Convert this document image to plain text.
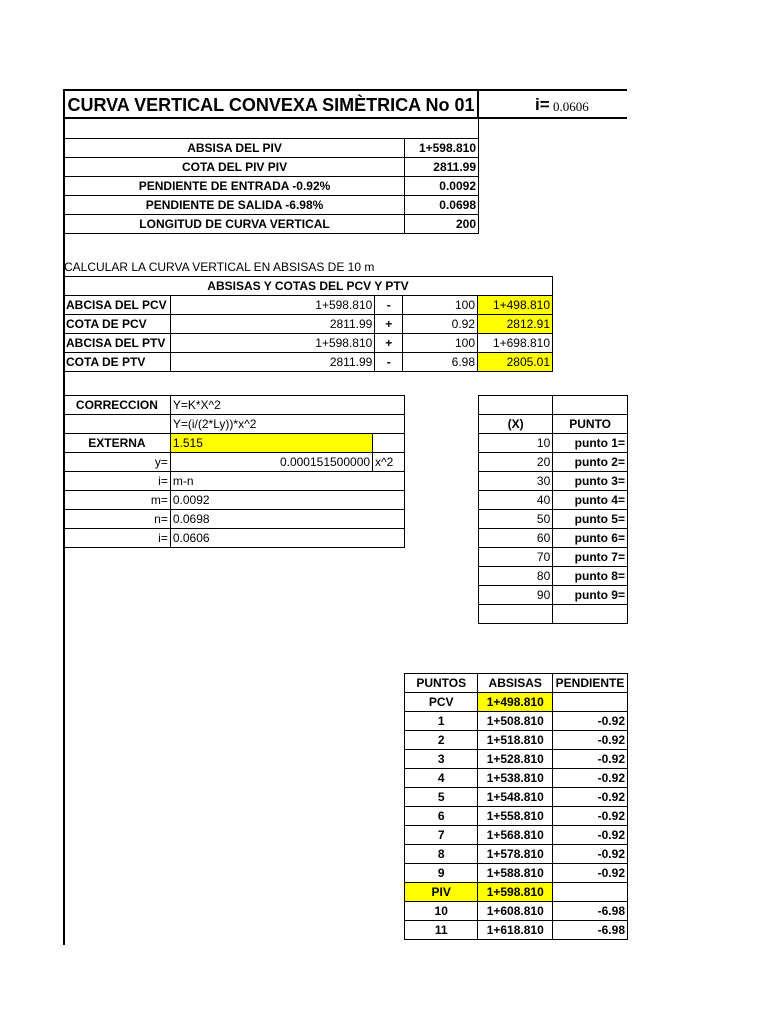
CURVA VERTICAL CONVEXA SIMÈTRICA No 01	i= 0.0606
ABSISA DEL PIV	1+598.810
COTA DEL PIV PIV	2811.99
PENDIENTE DE ENTRADA -0.92%	0.0092
PENDIENTE DE SALIDA -6.98%	0.0698
LONGITUD DE CURVA VERTICAL	200
CALCULAR LA CURVA VERTICAL EN ABSISAS DE 10 m
ABSISAS Y COTAS DEL PCV Y PTV				
ABCISA DEL PCV	1+598.810	-	100	1+498.810
COTA DE PCV	2811.99	+	0.92	2812.91
ABCISA DEL PTV	1+598.810	+	100	1+698.810
COTA DE PTV	2811.99	-	6.98	2805.01
CORRECCION	Y=K*X^2	
	Y=(i/(2*Ly))*x^2	
EXTERNA	1.515	
y=	0.000151500000	x^2
i=	m-n	
m=	0.0092	
n=	0.0698	
i=	0.0606	

(X)	PUNTO
10	punto 1=
20	punto 2=
30	punto 3=
40	punto 4=
50	punto 5=
60	punto 6=
70	punto 7=
80	punto 8=
90	punto 9=

PUNTOS	ABSISAS	PENDIENTE
PCV	1+498.810	
1	1+508.810	-0.92
2	1+518.810	-0.92
3	1+528.810	-0.92
4	1+538.810	-0.92
5	1+548.810	-0.92
6	1+558.810	-0.92
7	1+568.810	-0.92
8	1+578.810	-0.92
9	1+588.810	-0.92
PIV	1+598.810	
10	1+608.810	-6.98
11	1+618.810	-6.98
